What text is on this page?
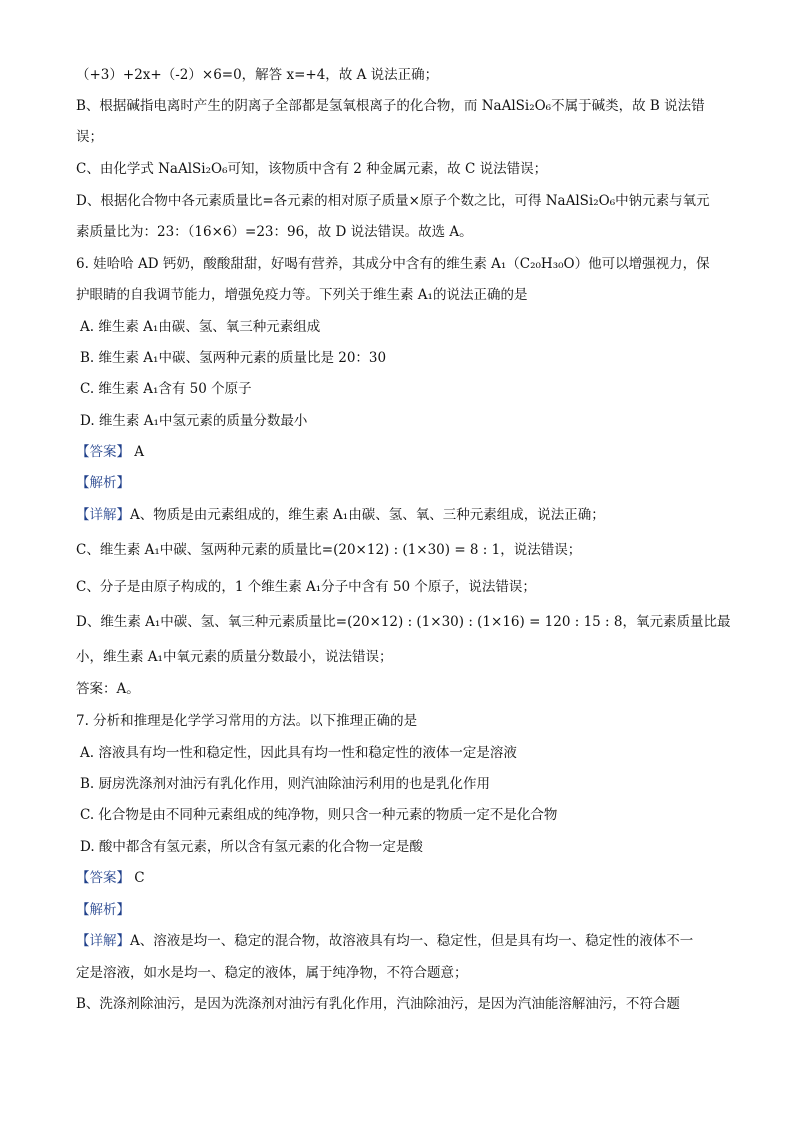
（+3）+2x+（-2）×6=0，解答 x=+4，故 A 说法正确；
B、根据碱指电离时产生的阴离子全部都是氢氧根离子的化合物，而 NaAlSi₂O₆不属于碱类，故 B 说法错
误；
C、由化学式 NaAlSi₂O₆可知，该物质中含有 2 种金属元素，故 C 说法错误；
D、根据化合物中各元素质量比=各元素的相对原子质量×原子个数之比，可得 NaAlSi₂O₆中钠元素与氧元
素质量比为：23：（16×6）=23：96，故 D 说法错误。故选 A。
6. 娃哈哈 AD 钙奶，酸酸甜甜，好喝有营养，其成分中含有的维生素 A₁（C₂₀H₃₀O）他可以增强视力，保
护眼睛的自我调节能力，增强免疫力等。下列关于维生素 A₁的说法正确的是
A. 维生素 A₁由碳、氢、氧三种元素组成
B. 维生素 A₁中碳、氢两种元素的质量比是 20：30
C. 维生素 A₁含有 50 个原子
D. 维生素 A₁中氢元素的质量分数最小
【答案】 A
【解析】
【详解】A、物质是由元素组成的，维生素 A₁由碳、氢、氧、三种元素组成，说法正确；
C、维生素 A₁中碳、氢两种元素的质量比=(20×12) : (1×30) = 8 : 1，说法错误；
C、分子是由原子构成的，1 个维生素 A₁分子中含有 50 个原子，说法错误；
D、维生素 A₁中碳、氢、氧三种元素质量比=(20×12) : (1×30) : (1×16) = 120 : 15 : 8，氧元素质量比最
小，维生素 A₁中氧元素的质量分数最小，说法错误；
答案：A。
7. 分析和推理是化学学习常用的方法。以下推理正确的是
A. 溶液具有均一性和稳定性，因此具有均一性和稳定性的液体一定是溶液
B. 厨房洗涤剂对油污有乳化作用，则汽油除油污利用的也是乳化作用
C. 化合物是由不同种元素组成的纯净物，则只含一种元素的物质一定不是化合物
D. 酸中都含有氢元素，所以含有氢元素的化合物一定是酸
【答案】 C
【解析】
【详解】A、溶液是均一、稳定的混合物，故溶液具有均一、稳定性，但是具有均一、稳定性的液体不一
定是溶液，如水是均一、稳定的液体，属于纯净物，不符合题意；
B、洗涤剂除油污，是因为洗涤剂对油污有乳化作用，汽油除油污，是因为汽油能溶解油污，不符合题
